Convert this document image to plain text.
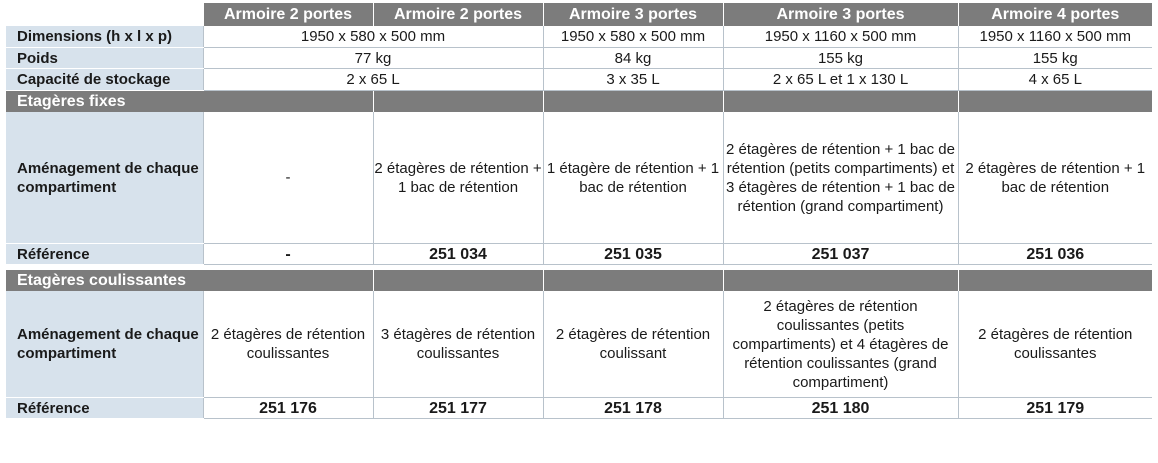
	Armoire 2 portes	Armoire 2 portes	Armoire 3 portes	Armoire 3 portes	Armoire 4 portes
Dimensions (h x l x p)	1950 x 580 x 500 mm		1950 x 580 x 500 mm	1950 x 1160 x 500 mm	1950 x 1160 x 500 mm
Poids	77 kg		84 kg	155 kg	155 kg
Capacité de stockage	2 x 65 L		3 x 35 L	2 x 65 L et 1 x 130 L	4 x 65 L
Etagères fixes					
Aménagement de chaque compartiment	-	2 étagères de rétention + 1 bac de rétention	1 étagère de rétention + 1 bac de rétention	2 étagères de rétention + 1 bac de rétention (petits compartiments) et 3 étagères de rétention + 1 bac de rétention (grand compartiment)	2 étagères de rétention + 1 bac de rétention
Référence	-	251 034	251 035	251 037	251 036

Etagères coulissantes					
Aménagement de chaque compartiment	2 étagères de rétention coulissantes	3 étagères de rétention coulissantes	2 étagères de rétention coulissant	2 étagères de rétention coulissantes (petits compartiments) et 4 étagères de rétention coulissantes (grand compartiment)	2 étagères de rétention coulissantes
Référence	251 176	251 177	251 178	251 180	251 179
